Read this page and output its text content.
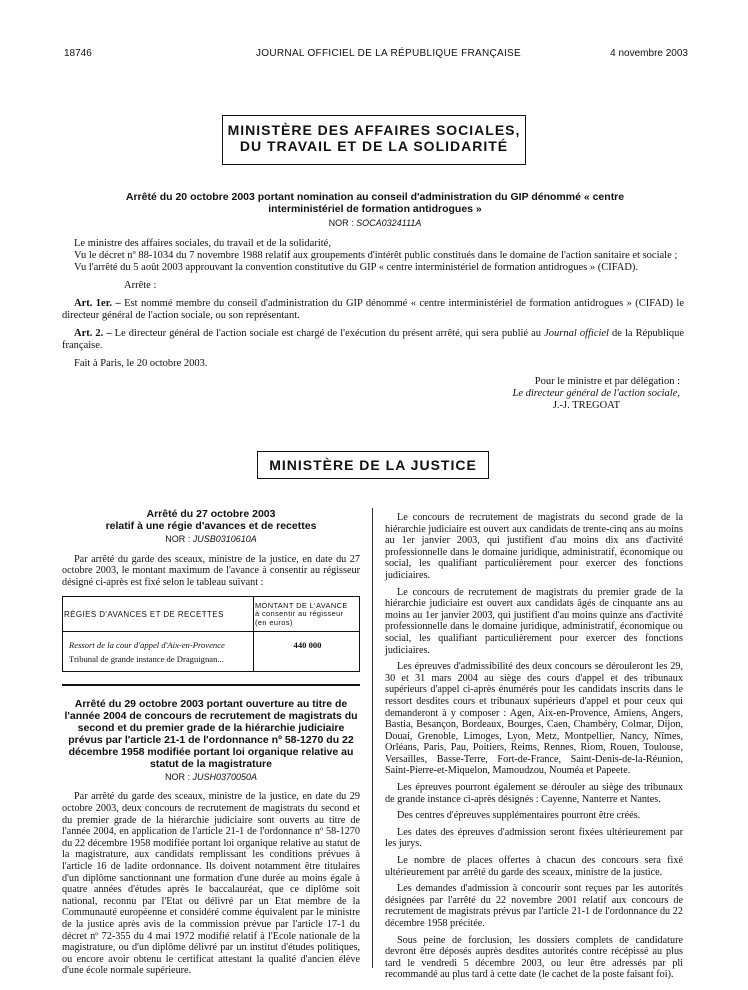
18746	JOURNAL OFFICIEL DE LA RÉPUBLIQUE FRANÇAISE	4 novembre 2003
MINISTÈRE DES AFFAIRES SOCIALES,
DU TRAVAIL ET DE LA SOLIDARITÉ
Arrêté du 20 octobre 2003 portant nomination au conseil d'administration du GIP dénommé « centre interministériel de formation antidrogues »
NOR : SOCA0324111A

Le ministre des affaires sociales, du travail et de la solidarité,

Vu le décret nº 88-1034 du 7 novembre 1988 relatif aux groupements d'intérêt public constitués dans le domaine de l'action sanitaire et sociale ;

Vu l'arrêté du 5 août 2003 approuvant la convention constitutive du GIP « centre interministériel de formation antidrogues » (CIFAD).

Arrête :

Art. 1er. – Est nommé membre du conseil d'administration du GIP dénommé « centre interministériel de formation antidrogues » (CIFAD) le directeur général de l'action sociale, ou son représentant.

Art. 2. – Le directeur général de l'action sociale est chargé de l'exécution du présent arrêté, qui sera publié au Journal officiel de la République française.

Fait à Paris, le 20 octobre 2003.

Pour le ministre et par délégation :

Le directeur général de l'action sociale,

J.-J. TREGOAT

MINISTÈRE DE LA JUSTICE
Arrêté du 27 octobre 2003
relatif à une régie d'avances et de recettes
NOR : JUSB0310610A

Par arrêté du garde des sceaux, ministre de la justice, en date du 27 octobre 2003, le montant maximum de l'avance à consentir au régisseur désigné ci-après est fixé selon le tableau suivant :

RÉGIES D'AVANCES ET DE RECETTES	MONTANT DE L'AVANCE
à consentir au régisseur
(en euros)

Ressort de la cour d'appel d'Aix-en-Provence
Tribunal de grande instance de Draguignan...	440 000
Arrêté du 29 octobre 2003 portant ouverture au titre de l'année 2004 de concours de recrutement de magistrats du second et du premier grade de la hiérarchie judiciaire prévus par l'article 21-1 de l'ordonnance nº 58-1270 du 22 décembre 1958 modifiée portant loi organique relative au statut de la magistrature
NOR : JUSH0370050A

Par arrêté du garde des sceaux, ministre de la justice, en date du 29 octobre 2003, deux concours de recrutement de magistrats du second et du premier grade de la hiérarchie judiciaire sont ouverts au titre de l'année 2004, en application de l'article 21-1 de l'ordonnance nº 58-1270 du 22 décembre 1958 modifiée portant loi organique relative au statut de la magistrature, aux candidats remplissant les conditions prévues à l'article 16 de ladite ordonnance. Ils doivent notamment être titulaires d'un diplôme sanctionnant une formation d'une durée au moins égale à quatre années d'études après le baccalauréat, que ce diplôme soit national, reconnu par l'Etat ou délivré par un Etat membre de la Communauté européenne et considéré comme équivalent par le ministre de la justice après avis de la commission prévue par l'article 17-1 du décret nº 72-355 du 4 mai 1972 modifié relatif à l'Ecole nationale de la magistrature, ou d'un diplôme délivré par un institut d'études politiques, ou encore avoir obtenu le certificat attestant la qualité d'ancien élève d'une école normale supérieure.

Le concours de recrutement de magistrats du second grade de la hiérarchie judiciaire est ouvert aux candidats de trente-cinq ans au moins au 1er janvier 2003, qui justifient d'au moins dix ans d'activité professionnelle dans le domaine juridique, administratif, économique ou social, les qualifiant particulièrement pour exercer des fonctions judiciaires.

Le concours de recrutement de magistrats du premier grade de la hiérarchie judiciaire est ouvert aux candidats âgés de cinquante ans au moins au 1er janvier 2003, qui justifient d'au moins quinze ans d'activité professionnelle dans le domaine juridique, administratif, économique ou social, les qualifiant particulièrement pour exercer des fonctions judiciaires.

Les épreuves d'admissibilité des deux concours se dérouleront les 29, 30 et 31 mars 2004 au siège des cours d'appel et des tribunaux supérieurs d'appel ci-après énumérés pour les candidats inscrits dans le ressort desdites cours et tribunaux supérieurs d'appel et pour ceux qui demanderont à y composer : Agen, Aix-en-Provence, Amiens, Angers, Bastia, Besançon, Bordeaux, Bourges, Caen, Chambéry, Colmar, Dijon, Douai, Grenoble, Limoges, Lyon, Metz, Montpellier, Nancy, Nîmes, Orléans, Paris, Pau, Poitiers, Reims, Rennes, Riom, Rouen, Toulouse, Versailles, Basse-Terre, Fort-de-France, Saint-Denis-de-la-Réunion, Saint-Pierre-et-Miquelon, Mamoudzou, Nouméa et Papeete.

Les épreuves pourront également se dérouler au siège des tribunaux de grande instance ci-après désignés : Cayenne, Nanterre et Nantes.

Des centres d'épreuves supplémentaires pourront être créés.

Les dates des épreuves d'admission seront fixées ultérieurement par les jurys.

Le nombre de places offertes à chacun des concours sera fixé ultérieurement par arrêté du garde des sceaux, ministre de la justice.

Les demandes d'admission à concourir sont reçues par les autorités désignées par l'arrêté du 22 novembre 2001 relatif aux concours de recrutement de magistrats prévus par l'article 21-1 de l'ordonnance du 22 décembre 1958 précitée.

Sous peine de forclusion, les dossiers complets de candidature devront être déposés auprès desdites autorités contre récépissé au plus tard le vendredi 5 décembre 2003, ou leur être adressés par pli recommandé au plus tard à cette date (le cachet de la poste faisant foi).
